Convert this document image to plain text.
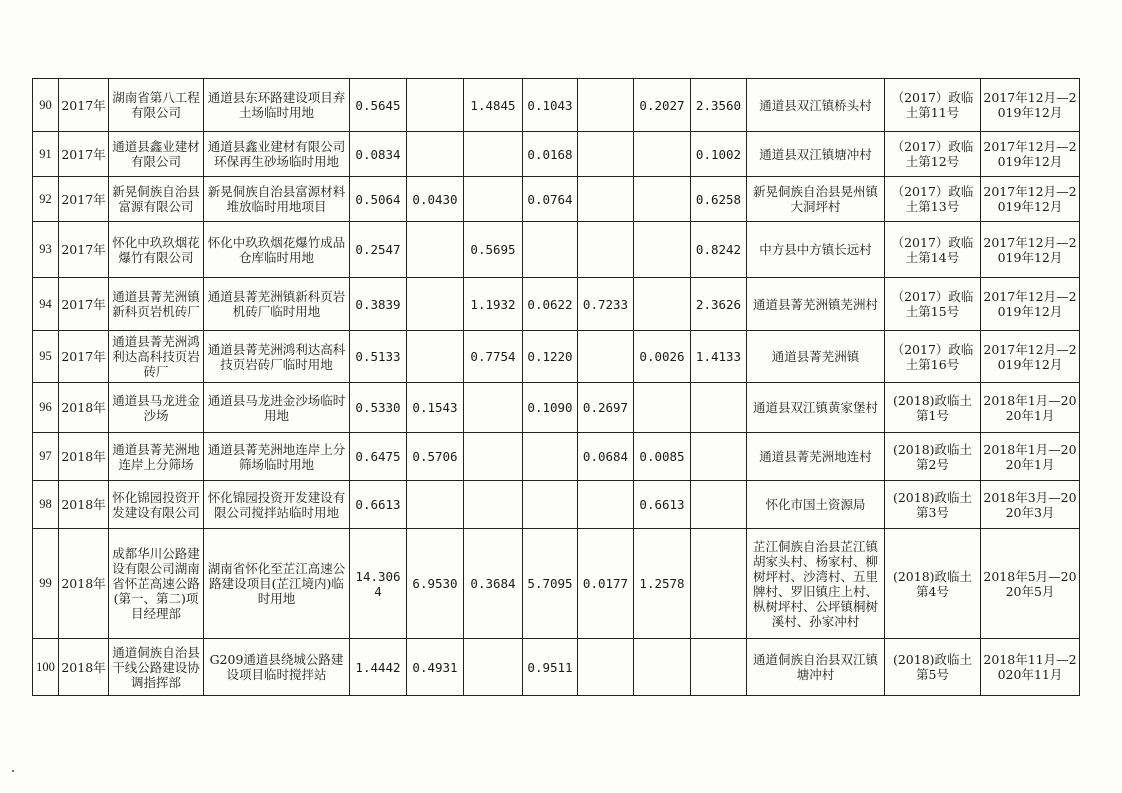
90	2017年	湖南省第八工程有限公司	通道县东环路建设项目弃土场临时用地	0.5645		1.4845	0.1043		0.2027	2.3560	通道县双江镇桥头村	（2017）政临土第11号	2017年12月—2019年12月
91	2017年	通道县鑫业建材有限公司	通道县鑫业建材有限公司环保再生砂场临时用地	0.0834			0.0168			0.1002	通道县双江镇塘冲村	（2017）政临土第12号	2017年12月—2019年12月
92	2017年	新晃侗族自治县富源有限公司	新晃侗族自治县富源材料堆放临时用地项目	0.5064	0.0430		0.0764			0.6258	新晃侗族自治县晃州镇大洞坪村	（2017）政临土第13号	2017年12月—2019年12月
93	2017年	怀化中玖玖烟花爆竹有限公司	怀化中玖玖烟花爆竹成品仓库临时用地	0.2547		0.5695				0.8242	中方县中方镇长远村	（2017）政临土第14号	2017年12月—2019年12月
94	2017年	通道县菁芜洲镇新科页岩机砖厂	通道县菁芜洲镇新科页岩机砖厂临时用地	0.3839		1.1932	0.0622	0.7233		2.3626	通道县菁芜洲镇芜洲村	（2017）政临土第15号	2017年12月—2019年12月
95	2017年	通道县菁芜洲鸿利达高科技页岩砖厂	通道县菁芜洲鸿利达高科技页岩砖厂临时用地	0.5133		0.7754	0.1220		0.0026	1.4133	通道县菁芜洲镇	（2017）政临土第16号	2017年12月—2019年12月
96	2018年	通道县马龙进金沙场	通道县马龙进金沙场临时用地	0.5330	0.1543		0.1090	0.2697			通道县双江镇黄家堡村	(2018)政临土第1号	2018年1月—2020年1月
97	2018年	通道县菁芜洲地连岸上分筛场	通道县菁芜洲地连岸上分筛场临时用地	0.6475	0.5706			0.0684	0.0085		通道县菁芜洲地连村	(2018)政临土第2号	2018年1月—2020年1月
98	2018年	怀化锦园投资开发建设有限公司	怀化锦园投资开发建设有限公司搅拌站临时用地	0.6613					0.6613		怀化市国土资源局	(2018)政临土第3号	2018年3月—2020年3月
99	2018年	成都华川公路建设有限公司湖南省怀芷高速公路(第一、第二)项目经理部	湖南省怀化至芷江高速公路建设项目(芷江境内)临时用地	14.3064	6.9530	0.3684	5.7095	0.0177	1.2578		芷江侗族自治县芷江镇胡家头村、杨家村、柳树坪村、沙湾村、五里牌村、罗旧镇庄上村、枞树坪村、公坪镇桐树溪村、孙家冲村	(2018)政临土第4号	2018年5月—2020年5月
100	2018年	通道侗族自治县干线公路建设协调指挥部	G209通道县绕城公路建设项目临时搅拌站	1.4442	0.4931		0.9511				通道侗族自治县双江镇塘冲村	(2018)政临土第5号	2018年11月—2020年11月
